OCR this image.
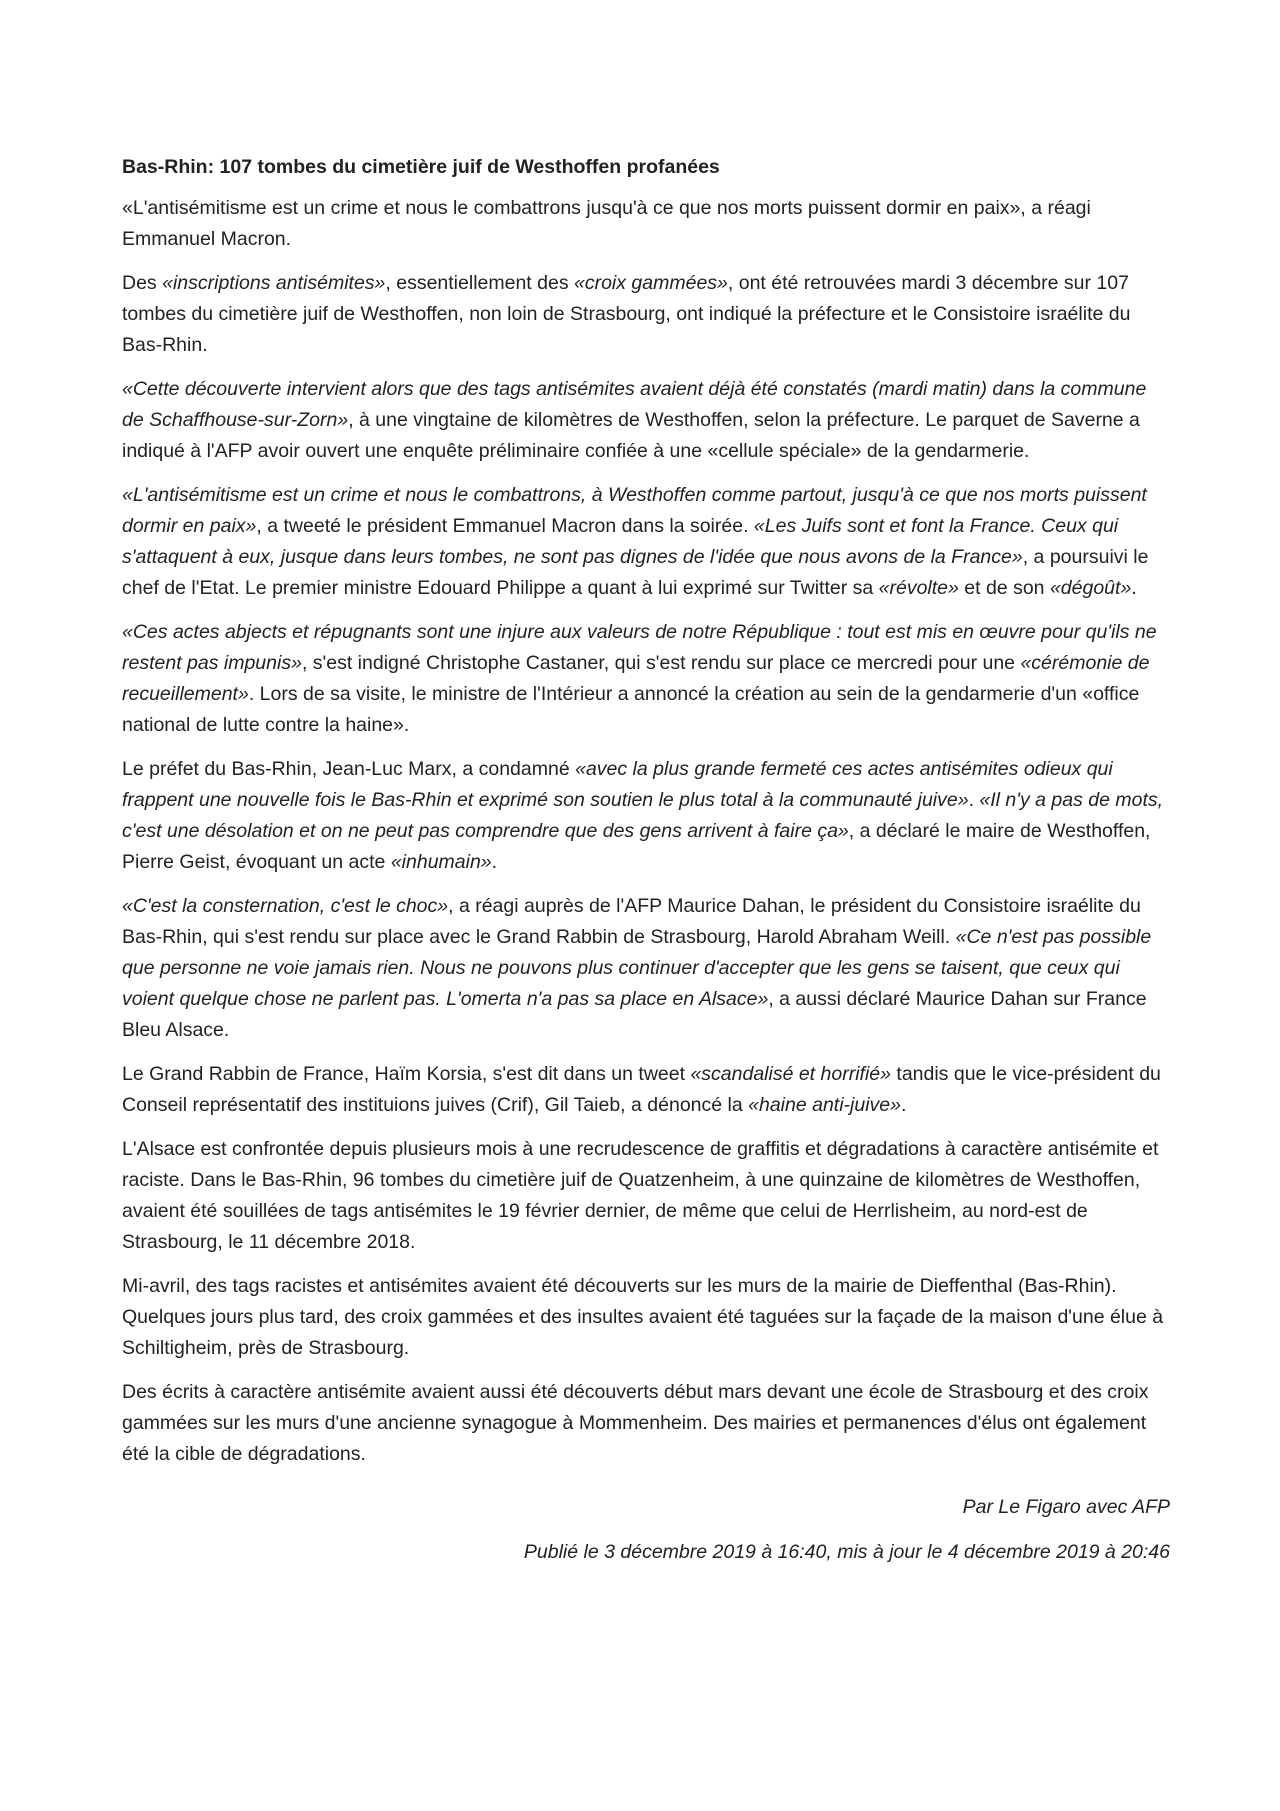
Bas-Rhin: 107 tombes du cimetière juif de Westhoffen profanées

«L'antisémitisme est un crime et nous le combattrons jusqu'à ce que nos morts puissent dormir en paix», a réagi Emmanuel Macron.

Des «inscriptions antisémites», essentiellement des «croix gammées», ont été retrouvées mardi 3 décembre sur 107 tombes du cimetière juif de Westhoffen, non loin de Strasbourg, ont indiqué la préfecture et le Consistoire israélite du Bas-Rhin.

«Cette découverte intervient alors que des tags antisémites avaient déjà été constatés (mardi matin) dans la commune de Schaffhouse-sur-Zorn», à une vingtaine de kilomètres de Westhoffen, selon la préfecture. Le parquet de Saverne a indiqué à l'AFP avoir ouvert une enquête préliminaire confiée à une «cellule spéciale» de la gendarmerie.

«L'antisémitisme est un crime et nous le combattrons, à Westhoffen comme partout, jusqu'à ce que nos morts puissent dormir en paix», a tweeté le président Emmanuel Macron dans la soirée. «Les Juifs sont et font la France. Ceux qui s'attaquent à eux, jusque dans leurs tombes, ne sont pas dignes de l'idée que nous avons de la France», a poursuivi le chef de l'Etat. Le premier ministre Edouard Philippe a quant à lui exprimé sur Twitter sa «révolte» et de son «dégoût».

«Ces actes abjects et répugnants sont une injure aux valeurs de notre République : tout est mis en œuvre pour qu'ils ne restent pas impunis», s'est indigné Christophe Castaner, qui s'est rendu sur place ce mercredi pour une «cérémonie de recueillement». Lors de sa visite, le ministre de l'Intérieur a annoncé la création au sein de la gendarmerie d'un «office national de lutte contre la haine».

Le préfet du Bas-Rhin, Jean-Luc Marx, a condamné «avec la plus grande fermeté ces actes antisémites odieux qui frappent une nouvelle fois le Bas-Rhin et exprimé son soutien le plus total à la communauté juive». «Il n'y a pas de mots, c'est une désolation et on ne peut pas comprendre que des gens arrivent à faire ça», a déclaré le maire de Westhoffen, Pierre Geist, évoquant un acte «inhumain».

«C'est la consternation, c'est le choc», a réagi auprès de l'AFP Maurice Dahan, le président du Consistoire israélite du Bas-Rhin, qui s'est rendu sur place avec le Grand Rabbin de Strasbourg, Harold Abraham Weill. «Ce n'est pas possible que personne ne voie jamais rien. Nous ne pouvons plus continuer d'accepter que les gens se taisent, que ceux qui voient quelque chose ne parlent pas. L'omerta n'a pas sa place en Alsace», a aussi déclaré Maurice Dahan sur France Bleu Alsace.

Le Grand Rabbin de France, Haïm Korsia, s'est dit dans un tweet «scandalisé et horrifié» tandis que le vice-président du Conseil représentatif des instituions juives (Crif), Gil Taieb, a dénoncé la «haine anti-juive».

L'Alsace est confrontée depuis plusieurs mois à une recrudescence de graffitis et dégradations à caractère antisémite et raciste. Dans le Bas-Rhin, 96 tombes du cimetière juif de Quatzenheim, à une quinzaine de kilomètres de Westhoffen, avaient été souillées de tags antisémites le 19 février dernier, de même que celui de Herrlisheim, au nord-est de Strasbourg, le 11 décembre 2018.

Mi-avril, des tags racistes et antisémites avaient été découverts sur les murs de la mairie de Dieffenthal (Bas-Rhin). Quelques jours plus tard, des croix gammées et des insultes avaient été taguées sur la façade de la maison d'une élue à Schiltigheim, près de Strasbourg.

Des écrits à caractère antisémite avaient aussi été découverts début mars devant une école de Strasbourg et des croix gammées sur les murs d'une ancienne synagogue à Mommenheim. Des mairies et permanences d'élus ont également été la cible de dégradations.

Par Le Figaro avec AFP
Publié le 3 décembre 2019 à 16:40, mis à jour le 4 décembre 2019 à 20:46
